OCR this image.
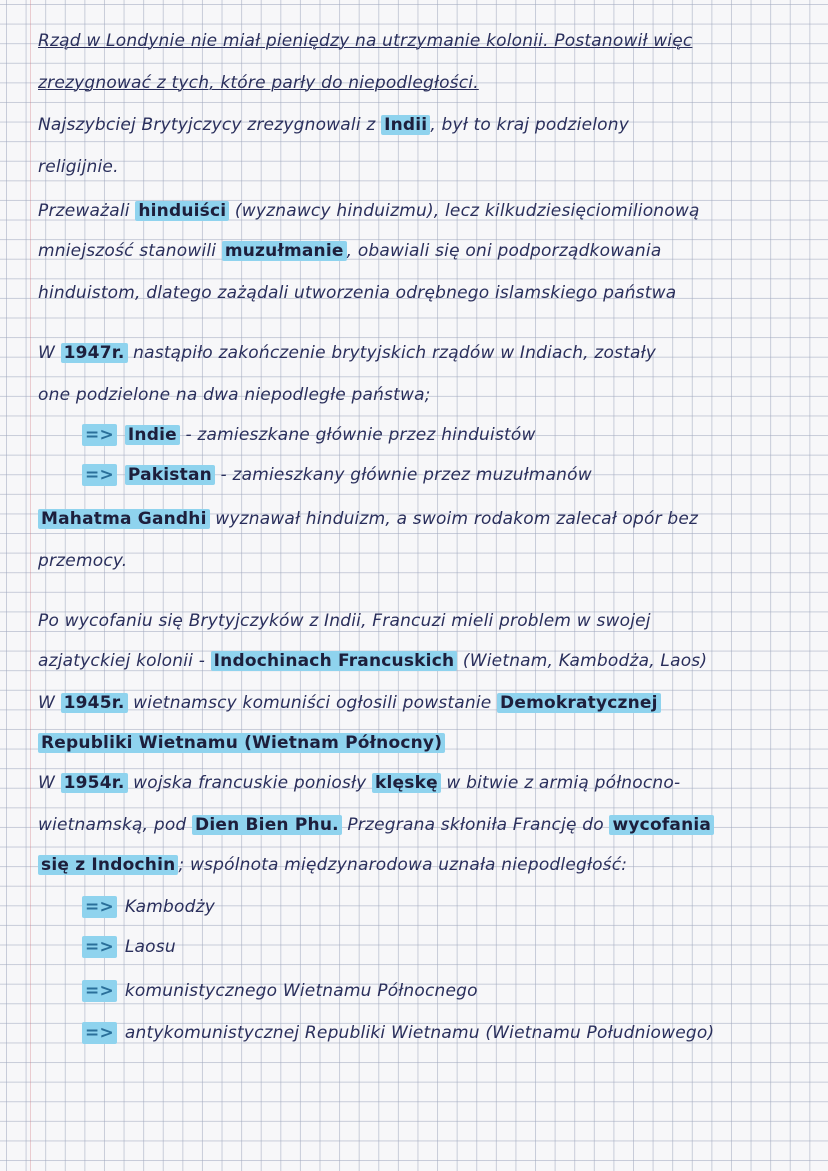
Rząd w Londynie nie miał pieniędzy na utrzymanie kolonii. Postanowił więc
zrezygnować z tych, które parły do niepodległości.
Najszybciej Brytyjczycy zrezygnowali z Indii , był to kraj podzielony
religijnie.
Przeważali hinduiści (wyznawcy hinduizmu), lecz kilkudziesięciomilionową
mniejszość stanowili muzułmanie , obawiali się oni podporządkowania
hinduistom, dlatego zażądali utworzenia odrębnego islamskiego państwa
W 1947r. nastąpiło zakończenie brytyjskich rządów w Indiach, zostały
one podzielone na dwa niepodległe państwa;
=> Indie - zamieszkane głównie przez hinduistów
=> Pakistan - zamieszkany głównie przez muzułmanów
Mahatma Gandhi wyznawał hinduizm, a swoim rodakom zalecał opór bez
przemocy.
Po wycofaniu się Brytyjczyków z Indii, Francuzi mieli problem w swojej
azjatyckiej kolonii - Indochinach Francuskich (Wietnam, Kambodża, Laos)
W 1945r. wietnamscy komuniści ogłosili powstanie Demokratycznej
Republiki Wietnamu (Wietnam Północny)
W 1954r. wojska francuskie poniosły klęskę w bitwie z armią północno-
wietnamską, pod Dien Bien Phu. Przegrana skłoniła Francję do wycofania
się z Indochin ; wspólnota międzynarodowa uznała niepodległość:
=> Kambodży
=> Laosu
=> komunistycznego Wietnamu Północnego
=> antykomunistycznej Republiki Wietnamu (Wietnamu Południowego)
